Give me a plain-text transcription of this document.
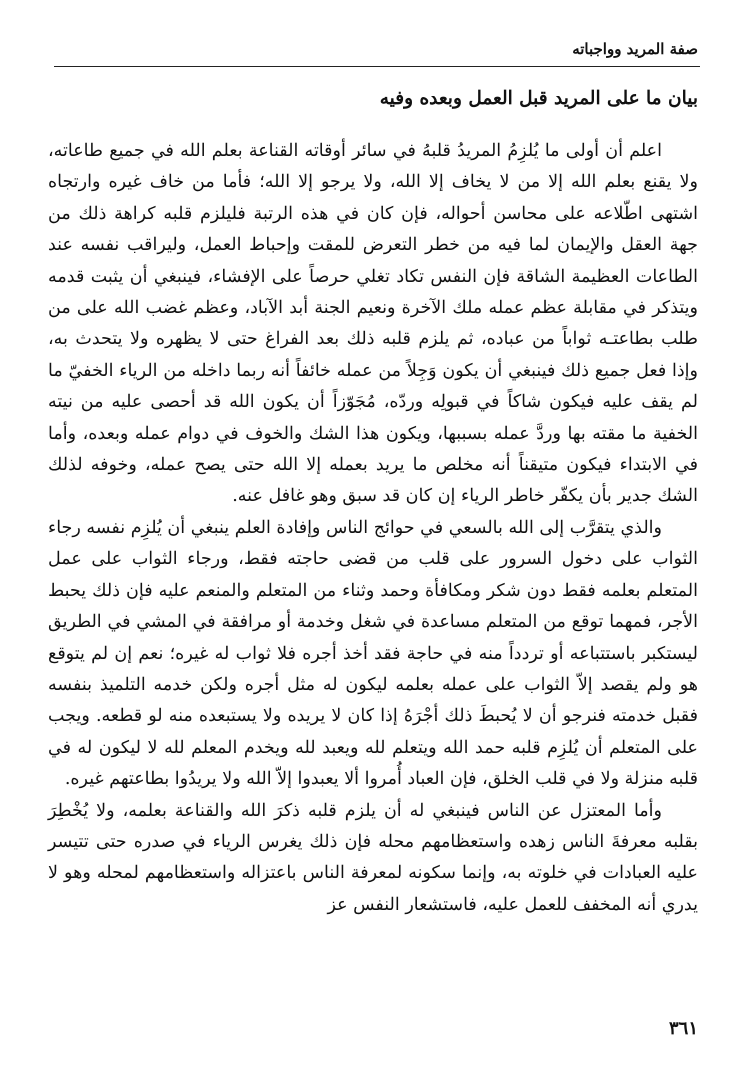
صفة المريد وواجباته
بيان ما على المريد قبل العمل وبعده وفيه

اعلم أن أولى ما يُلزِمُ المريدُ قلبهُ في سائر أوقاته القناعة بعلم الله في جميع طاعاته، ولا يقنع بعلم الله إلا من لا يخاف إلا الله، ولا يرجو إلا الله؛ فأما من خاف غيره وارتجاه اشتهى اطّلاعه على محاسن أحواله، فإن كان في هذه الرتبة فليلزم قلبه كراهة ذلك من جهة العقل والإيمان لما فيه من خطر التعرض للمقت وإحباط العمل، وليراقب نفسه عند الطاعات العظيمة الشاقة فإن النفس تكاد تغلي حرصاً على الإفشاء، فينبغي أن يثبت قدمه ويتذكر في مقابلة عظم عمله ملك الآخرة ونعيم الجنة أبد الآباد، وعظم غضب الله على من طلب بطاعتـه ثواباً من عباده، ثم يلزم قلبه ذلك بعد الفراغ حتى لا يظهره ولا يتحدث به، وإذا فعل جميع ذلك فينبغي أن يكون وَجِلاً من عمله خائفاً أنه ربما داخله من الرياء الخفيّ ما لم يقف عليه فيكون شاكاً في قبولِه وردّه، مُجَوّزاً أن يكون الله قد أحصى عليه من نيته الخفية ما مقته بها وردَّ عمله بسببها، ويكون هذا الشك والخوف في دوام عمله وبعده، وأما في الابتداء فيكون متيقناً أنه مخلص ما يريد بعمله إلا الله حتى يصح عمله، وخوفه لذلك الشك جدير بأن يكفّر خاطر الرياء إن كان قد سبق وهو غافل عنه.

والذي يتقرَّب إلى الله بالسعي في حوائج الناس وإفادة العلم ينبغي أن يُلزِم نفسه رجاء الثواب على دخول السرور على قلب من قضى حاجته فقط، ورجاء الثواب على عمل المتعلم بعلمه فقط دون شكر ومكافأة وحمد وثناء من المتعلم والمنعم عليه فإن ذلك يحبط الأجر، فمهما توقع من المتعلم مساعدة في شغل وخدمة أو مرافقة في المشي في الطريق ليستكبر باستتباعه أو تردداً منه في حاجة فقد أخذ أجره فلا ثواب له غيره؛ نعم إن لم يتوقع هو ولم يقصد إلاّ الثواب على عمله بعلمه ليكون له مثل أجره ولكن خدمه التلميذ بنفسه فقبل خدمته فنرجو أن لا يُحبطَ ذلك أجْرَهُ إذا كان لا يريده ولا يستبعده منه لو قطعه. ويجب على المتعلم أن يُلزِم قلبه حمد الله ويتعلم لله ويعبد لله ويخدم المعلم لله لا ليكون له في قلبه منزلة ولا في قلب الخلق، فإن العباد أُمروا ألا يعبدوا إلاّ الله ولا يريدُوا بطاعتهم غيره.

وأما المعتزل عن الناس فينبغي له أن يلزم قلبه ذكرَ الله والقناعة بعلمه، ولا يُخْطِرَ بقلبه معرفةَ الناس زهده واستعظامهم محله فإن ذلك يغرس الرياء في صدره حتى تتيسر عليه العبادات في خلوته به، وإنما سكونه لمعرفة الناس باعتزاله واستعظامهم لمحله وهو لا يدري أنه المخفف للعمل عليه، فاستشعار النفس عز

٣٦١
